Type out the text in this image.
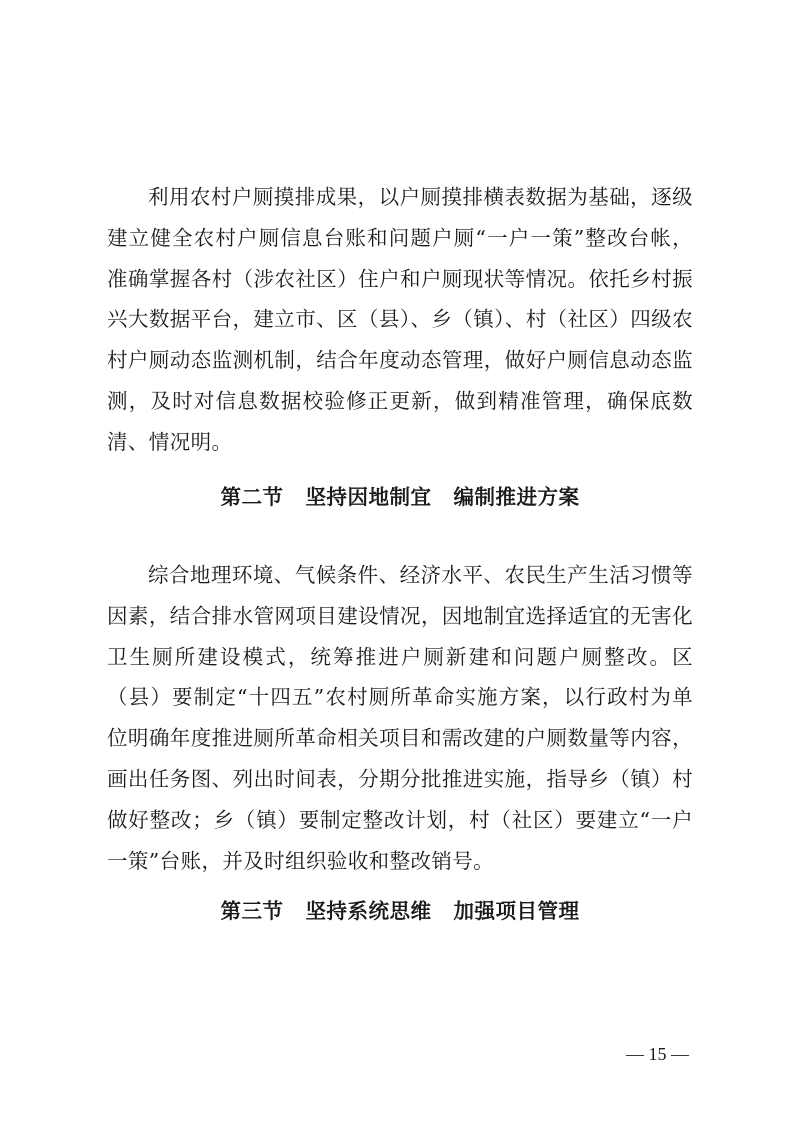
利用农村户厕摸排成果，以户厕摸排横表数据为基础，逐级建立健全农村户厕信息台账和问题户厕“一户一策”整改台帐，准确掌握各村（涉农社区）住户和户厕现状等情况。依托乡村振兴大数据平台，建立市、区（县）、乡（镇）、村（社区）四级农村户厕动态监测机制，结合年度动态管理，做好户厕信息动态监测，及时对信息数据校验修正更新，做到精准管理，确保底数清、情况明。

第二节 坚持因地制宜 编制推进方案

综合地理环境、气候条件、经济水平、农民生产生活习惯等因素，结合排水管网项目建设情况，因地制宜选择适宜的无害化卫生厕所建设模式，统筹推进户厕新建和问题户厕整改。区（县）要制定“十四五”农村厕所革命实施方案，以行政村为单位明确年度推进厕所革命相关项目和需改建的户厕数量等内容，画出任务图、列出时间表，分期分批推进实施，指导乡（镇）村做好整改；乡（镇）要制定整改计划，村（社区）要建立“一户一策”台账，并及时组织验收和整改销号。

第三节 坚持系统思维 加强项目管理
— 15 —
